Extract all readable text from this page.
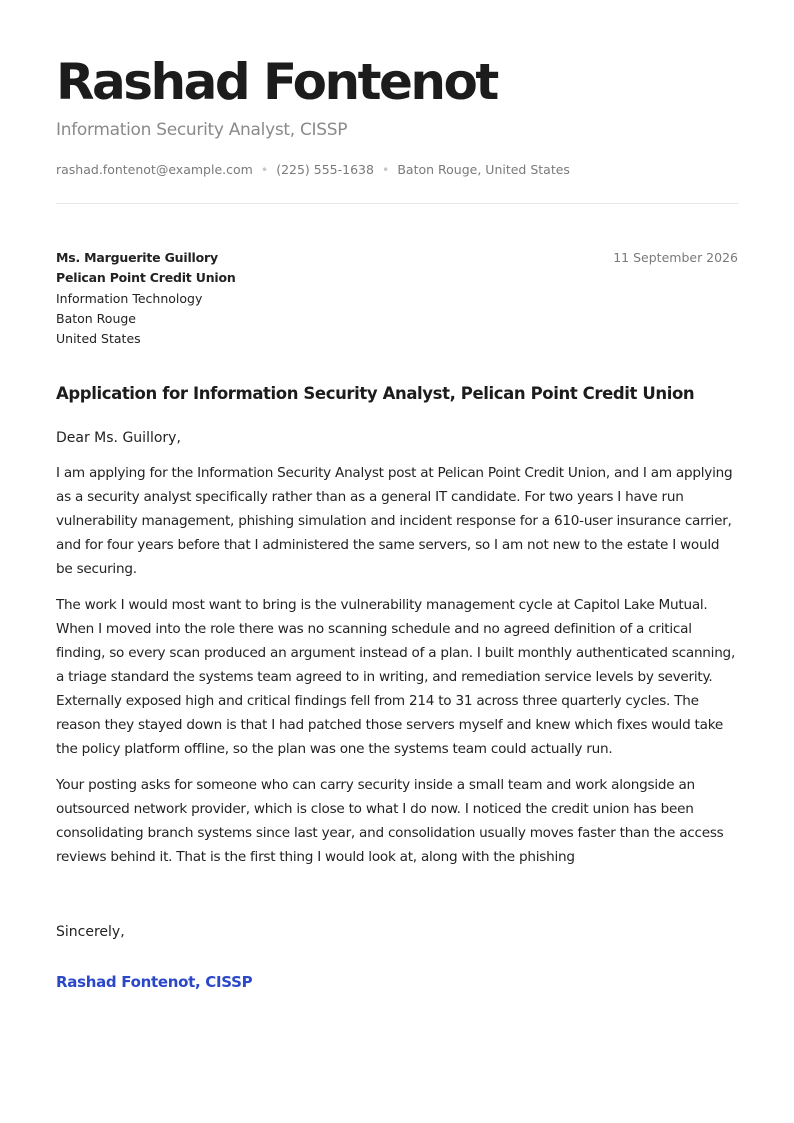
Rashad Fontenot
Information Security Analyst, CISSP
rashad.fontenot@example.com • (225) 555-1638 • Baton Rouge, United States
Ms. Marguerite Guillory
Pelican Point Credit Union
Information Technology
Baton Rouge
United States
11 September 2026
Application for Information Security Analyst, Pelican Point Credit Union
Dear Ms. Guillory,

I am applying for the Information Security Analyst post at Pelican Point Credit Union, and I am applying as a security analyst specifically rather than as a general IT candidate. For two years I have run vulnerability management, phishing simulation and incident response for a 610-user insurance carrier, and for four years before that I administered the same servers, so I am not new to the estate I would be securing.

The work I would most want to bring is the vulnerability management cycle at Capitol Lake Mutual. When I moved into the role there was no scanning schedule and no agreed definition of a critical finding, so every scan produced an argument instead of a plan. I built monthly authenticated scanning, a triage standard the systems team agreed to in writing, and remediation service levels by severity. Externally exposed high and critical findings fell from 214 to 31 across three quarterly cycles. The reason they stayed down is that I had patched those servers myself and knew which fixes would take the policy platform offline, so the plan was one the systems team could actually run.

Your posting asks for someone who can carry security inside a small team and work alongside an outsourced network provider, which is close to what I do now. I noticed the credit union has been consolidating branch systems since last year, and consolidation usually moves faster than the access reviews behind it. That is the first thing I would look at, along with the phishing

Sincerely,
Rashad Fontenot, CISSP
